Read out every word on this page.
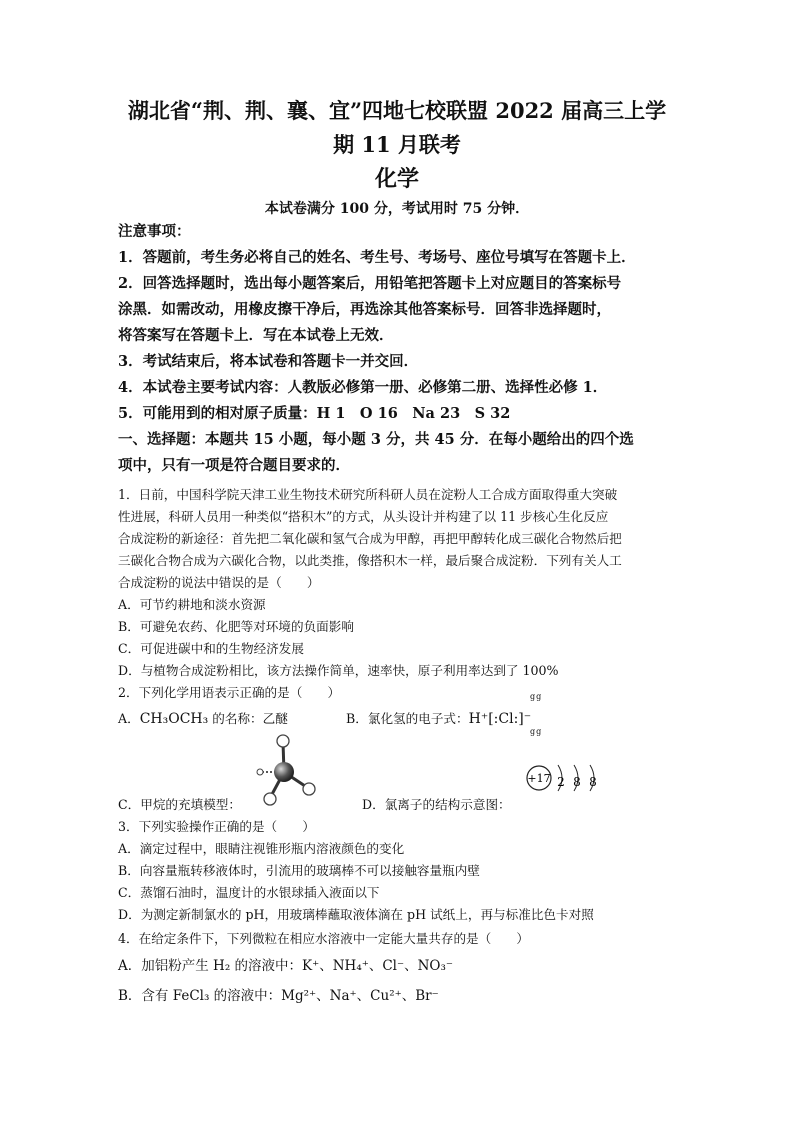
湖北省“荆、荆、襄、宜”四地七校联盟 2022 届高三上学
期 11 月联考
化学
本试卷满分 100 分，考试用时 75 分钟．
注意事项：
1．答题前，考生务必将自己的姓名、考生号、考场号、座位号填写在答题卡上．
2．回答选择题时，选出每小题答案后，用铅笔把答题卡上对应题目的答案标号
涂黑．如需改动，用橡皮擦干净后，再选涂其他答案标号．回答非选择题时，
将答案写在答题卡上．写在本试卷上无效．
3．考试结束后，将本试卷和答题卡一并交回．
4．本试卷主要考试内容：人教版必修第一册、必修第二册、选择性必修 1．
5．可能用到的相对原子质量：H 1　O 16　Na 23　S 32
一、选择题：本题共 15 小题，每小题 3 分，共 45 分．在每小题给出的四个选
项中，只有一项是符合题目要求的．
1．日前，中国科学院天津工业生物技术研究所科研人员在淀粉人工合成方面取得重大突破
性进展，科研人员用一种类似“搭积木”的方式，从头设计并构建了以 11 步核心生化反应
合成淀粉的新途径：首先把二氧化碳和氢气合成为甲醇，再把甲醇转化成三碳化合物然后把
三碳化合物合成为六碳化合物，以此类推，像搭积木一样，最后聚合成淀粉．下列有关人工
合成淀粉的说法中错误的是（　　）
A．可节约耕地和淡水资源
B．可避免农药、化肥等对环境的负面影响
C．可促进碳中和的生物经济发展
D．与植物合成淀粉相比，该方法操作简单，速率快，原子利用率达到了 100%
2．下列化学用语表示正确的是（　　）
A．CH₃OCH₃ 的名称：乙醚	B．氯化氢的电子式：H⁺[:Cl:]⁻
gg
gg
+17 2 8 8
C．甲烷的充填模型：	D．氯离子的结构示意图：
3．下列实验操作正确的是（　　）
A．滴定过程中，眼睛注视锥形瓶内溶液颜色的变化
B．向容量瓶转移液体时，引流用的玻璃棒不可以接触容量瓶内壁
C．蒸馏石油时，温度计的水银球插入液面以下
D．为测定新制氯水的 pH，用玻璃棒蘸取液体滴在 pH 试纸上，再与标准比色卡对照
4．在给定条件下，下列微粒在相应水溶液中一定能大量共存的是（　　）
A．加铝粉产生 H₂ 的溶液中：K⁺、NH₄⁺、Cl⁻、NO₃⁻
B．含有 FeCl₃ 的溶液中：Mg²⁺、Na⁺、Cu²⁺、Br⁻
